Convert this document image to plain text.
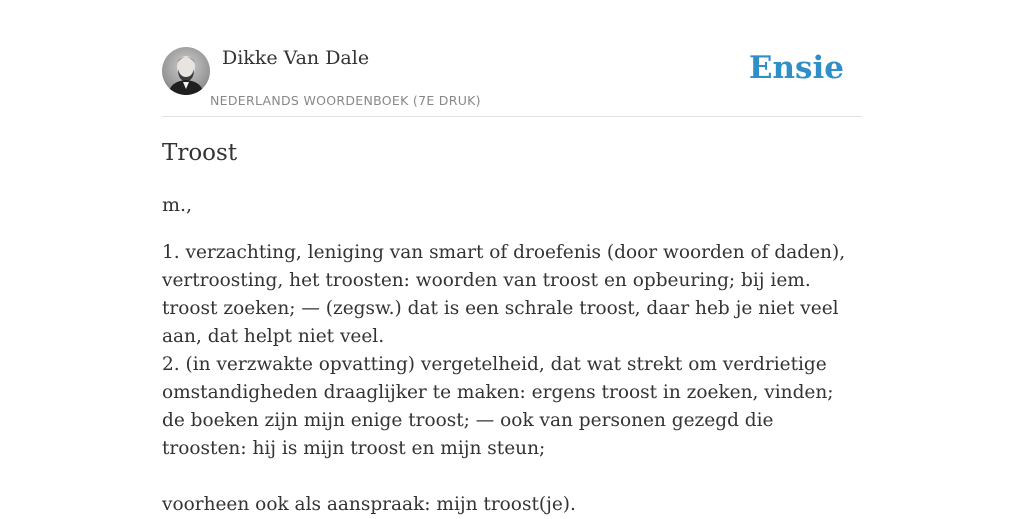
Dikke Van Dale
NEDERLANDS WOORDENBOEK (7E DRUK)
Ensie
Troost
m.,

1. verzachting, leniging van smart of droefenis (door woorden of daden), vertroosting, het troosten: woorden van troost en opbeuring; bij iem. troost zoeken; — (zegsw.) dat is een schrale troost, daar heb je niet veel aan, dat helpt niet veel.

2. (in verzwakte opvatting) vergetelheid, dat wat strekt om verdrietige omstandigheden draaglijker te maken: ergens troost in zoeken, vinden; de boeken zijn mijn enige troost; — ook van personen gezegd die troosten: hij is mijn troost en mijn steun;

voorheen ook als aanspraak: mijn troost(je).
